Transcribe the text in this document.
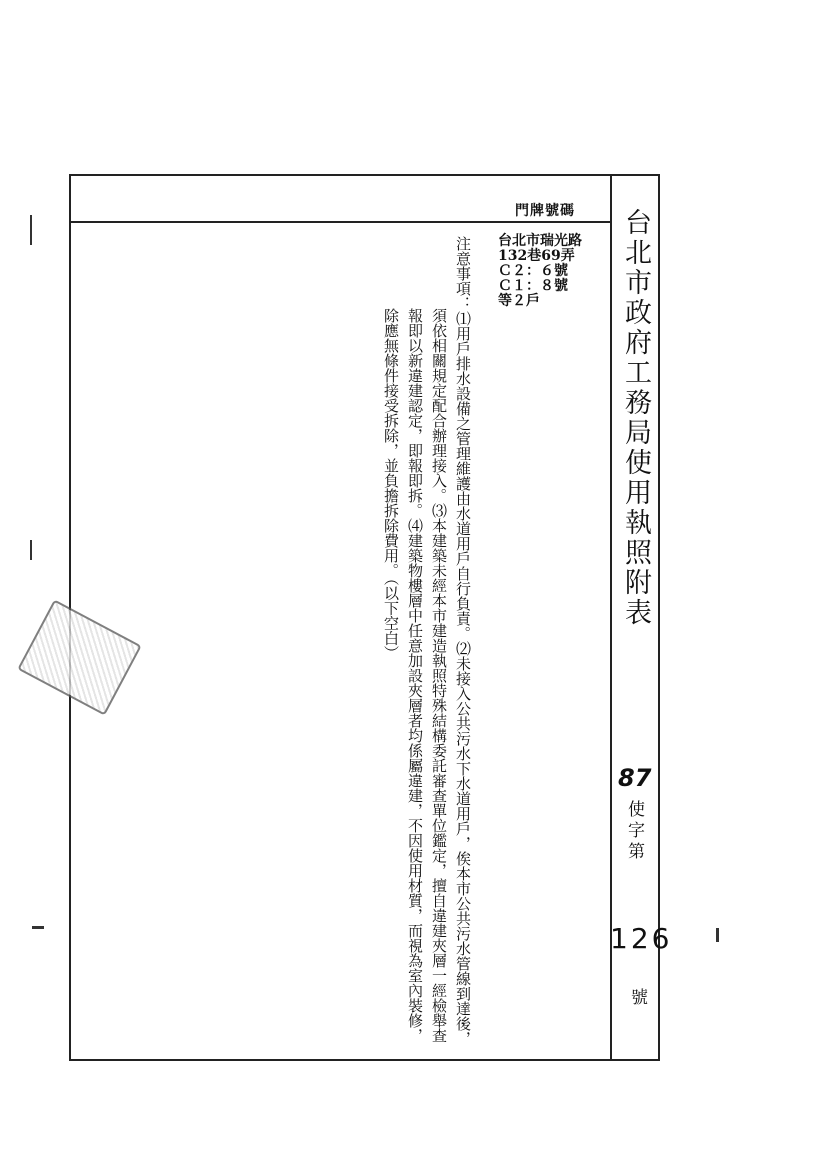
門牌號碼 台北市政府工務局使用執照附表
87
使字第
126
號
台北市瑞光路
132巷69弄
Ｃ２：６號
Ｃ１：８號
等２戶
注意事項：⑴用戶排水設備之管理維護由水道用戶自行負責。⑵未接入公共污水下水道用戶，俟本市公共污水管線到達後，
須依相關規定配合辦理接入。⑶本建築未經本市建造執照特殊結構委託審查單位鑑定，擅自違建夾層一經檢舉查
報即以新違建認定，即報即拆。⑷建築物樓層中任意加設夾層者均係屬違建，不因使用材質，而視為室內裝修，
除應無條件接受拆除，並負擔拆除費用。（以下空白）
